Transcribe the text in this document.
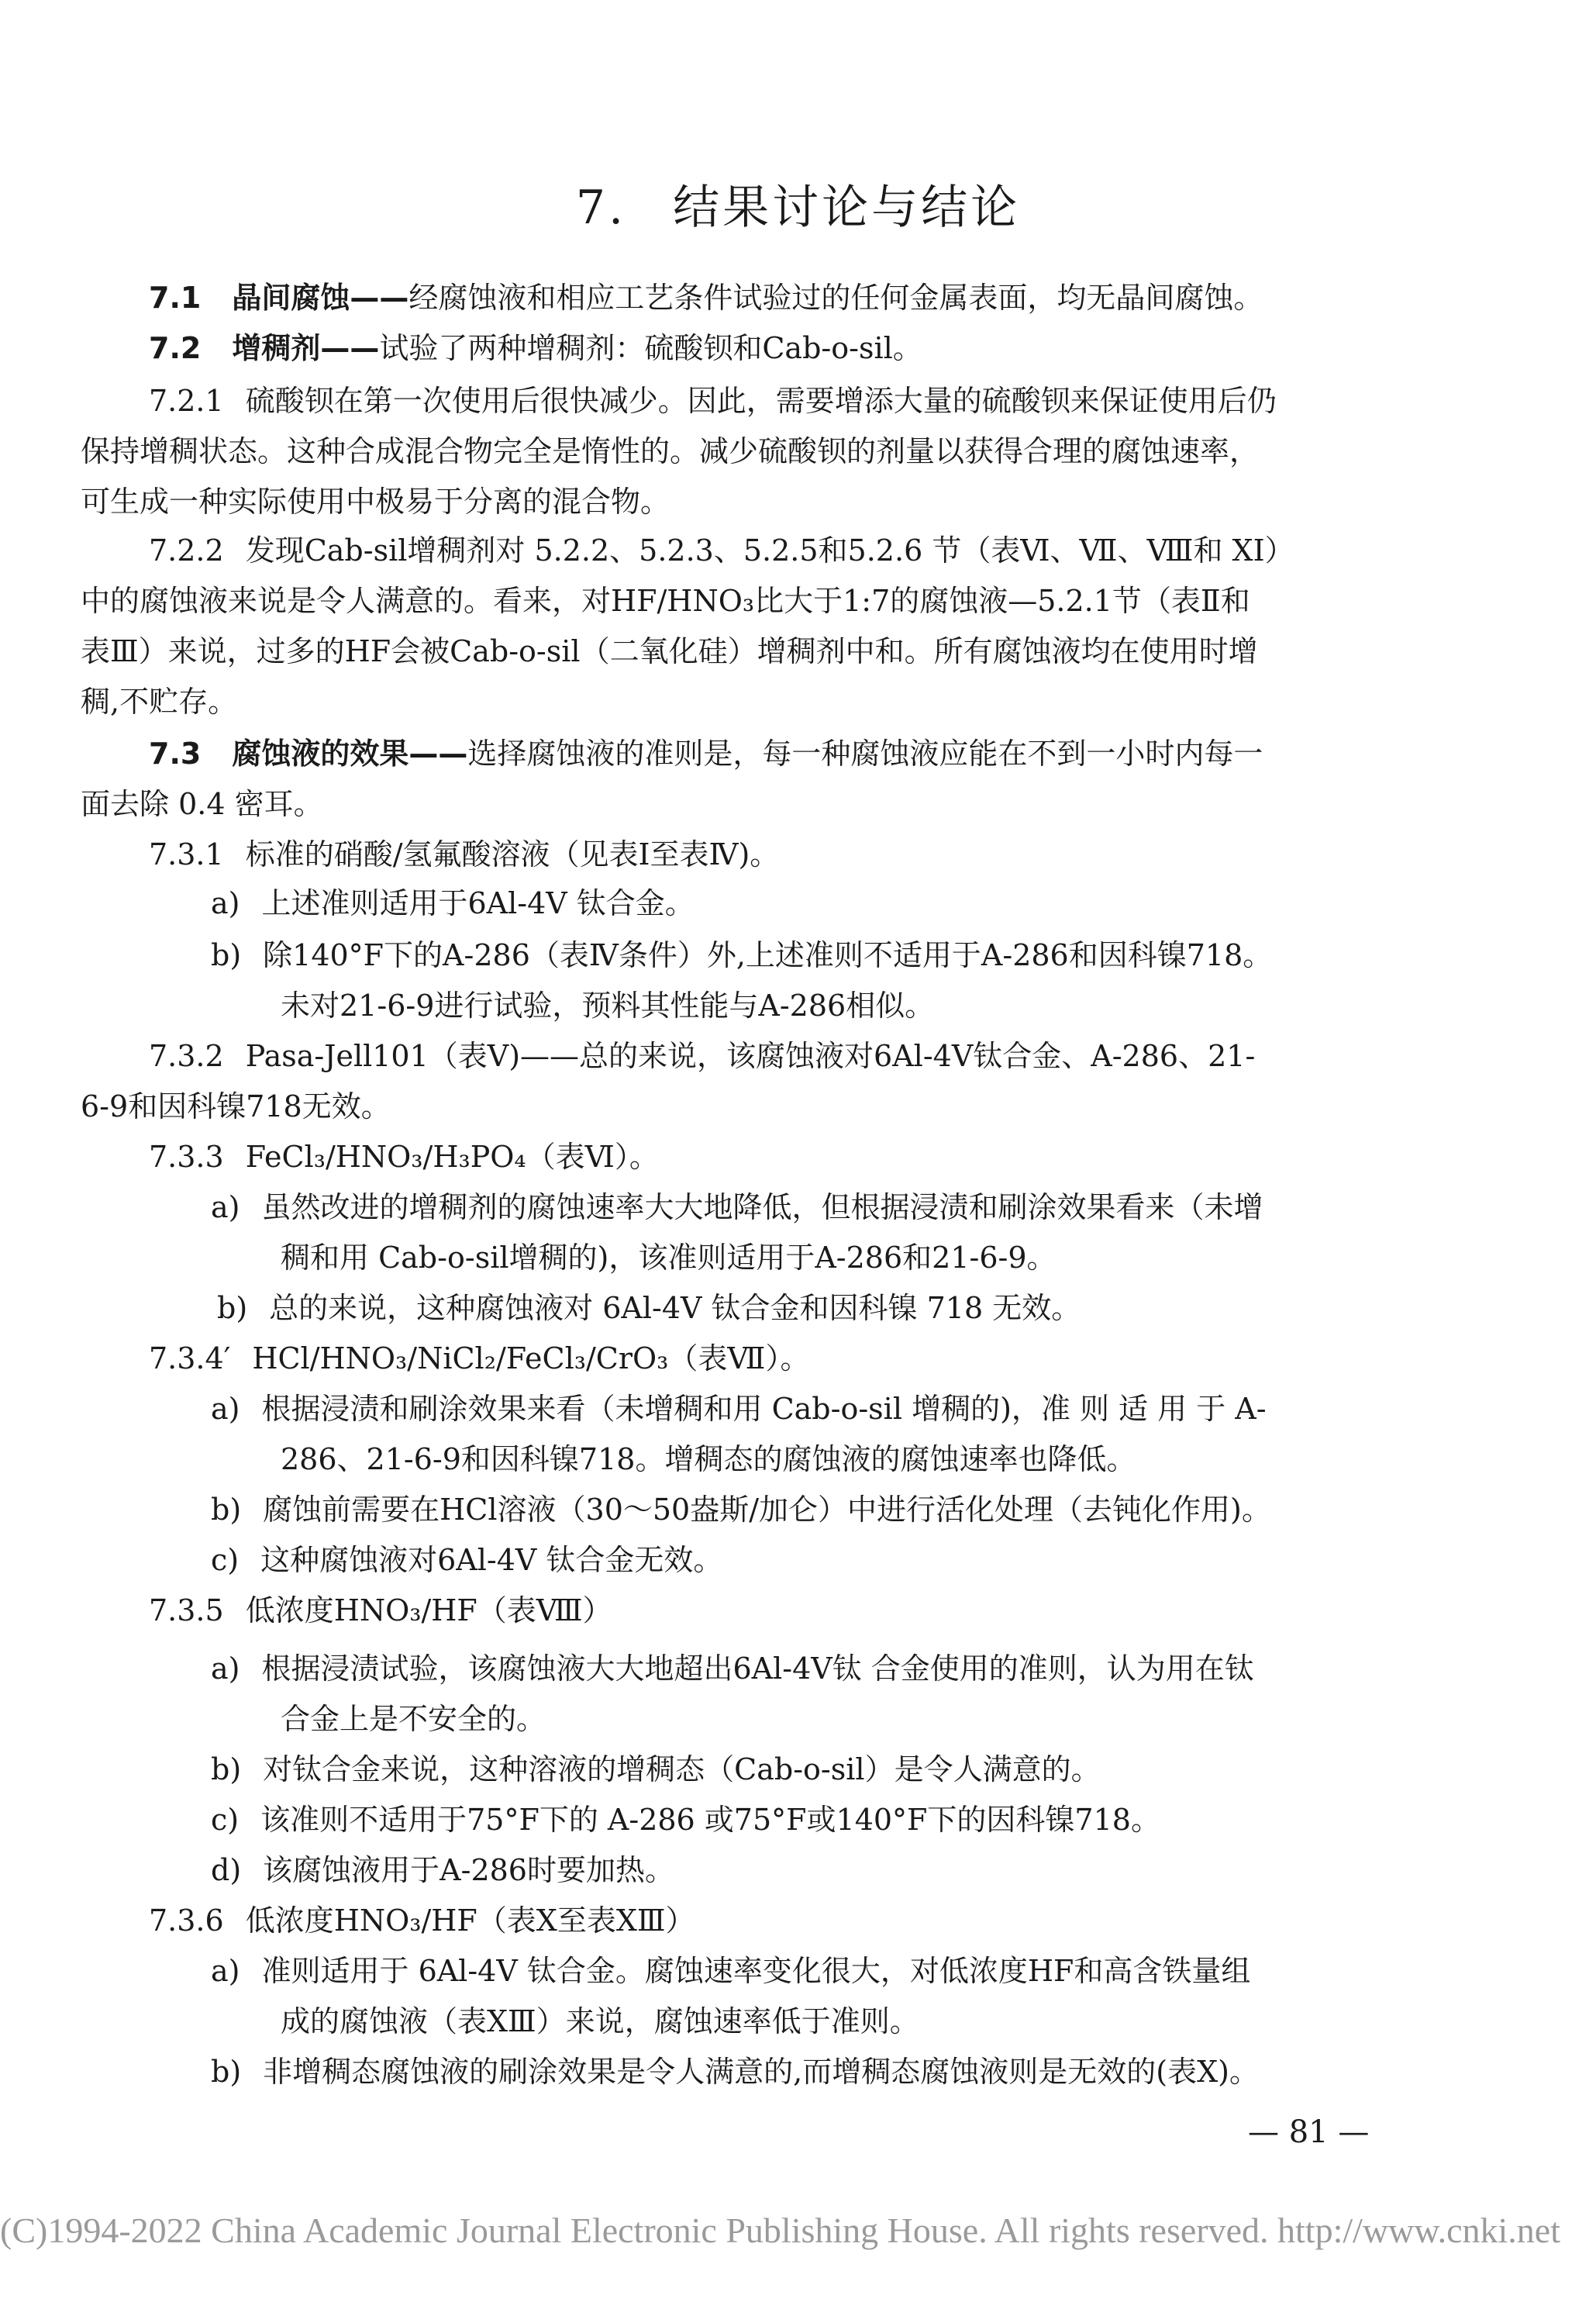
7. 结果讨论与结论
7.1 晶间腐蚀——经腐蚀液和相应工艺条件试验过的任何金属表面，均无晶间腐蚀。
7.2 增稠剂——试验了两种增稠剂：硫酸钡和Cab-o-sil。
7.2.1 硫酸钡在第一次使用后很快减少。因此，需要增添大量的硫酸钡来保证使用后仍
保持增稠状态。这种合成混合物完全是惰性的。减少硫酸钡的剂量以获得合理的腐蚀速率，
可生成一种实际使用中极易于分离的混合物。
7.2.2 发现Cab-sil增稠剂对 5.2.2、5.2.3、5.2.5和5.2.6 节（表Ⅵ、Ⅶ、Ⅷ和 XI）
中的腐蚀液来说是令人满意的。看来，对HF/HNO₃比大于1:7的腐蚀液—5.2.1节（表Ⅱ和
表Ⅲ）来说，过多的HF会被Cab-o-sil（二氧化硅）增稠剂中和。所有腐蚀液均在使用时增
稠,不贮存。
7.3 腐蚀液的效果——选择腐蚀液的准则是，每一种腐蚀液应能在不到一小时内每一
面去除 0.4 密耳。
7.3.1 标准的硝酸/氢氟酸溶液（见表Ⅰ至表Ⅳ)。
a) 上述准则适用于6Al-4V 钛合金。
b) 除140°F下的A-286（表Ⅳ条件）外,上述准则不适用于A-286和因科镍718。
未对21-6-9进行试验，预料其性能与A-286相似。
7.3.2 Pasa-Jell101（表Ⅴ)——总的来说，该腐蚀液对6Al-4V钛合金、A-286、21-
6-9和因科镍718无效。
7.3.3 FeCl₃/HNO₃/H₃PO₄（表Ⅵ）。
a) 虽然改进的增稠剂的腐蚀速率大大地降低，但根据浸渍和刷涂效果看来（未增
稠和用 Cab-o-sil增稠的)，该准则适用于A-286和21-6-9。
b) 总的来说，这种腐蚀液对 6Al-4V 钛合金和因科镍 718 无效。
7.3.4′ HCl/HNO₃/NiCl₂/FeCl₃/CrO₃（表Ⅶ）。
a) 根据浸渍和刷涂效果来看（未增稠和用 Cab-o-sil 增稠的)，准 则 适 用 于 A-
286、21-6-9和因科镍718。增稠态的腐蚀液的腐蚀速率也降低。
b) 腐蚀前需要在HCl溶液（30～50盎斯/加仑）中进行活化处理（去钝化作用)。
c) 这种腐蚀液对6Al-4V 钛合金无效。
7.3.5 低浓度HNO₃/HF（表Ⅷ）
a) 根据浸渍试验，该腐蚀液大大地超出6Al-4V钛 合金使用的准则，认为用在钛
合金上是不安全的。
b) 对钛合金来说，这种溶液的增稠态（Cab-o-sil）是令人满意的。
c) 该准则不适用于75°F下的 A-286 或75°F或140°F下的因科镍718。
d) 该腐蚀液用于A-286时要加热。
7.3.6 低浓度HNO₃/HF（表Ⅹ至表ⅩⅢ）
a) 准则适用于 6Al-4V 钛合金。腐蚀速率变化很大，对低浓度HF和高含铁量组
成的腐蚀液（表ⅩⅢ）来说，腐蚀速率低于准则。
b) 非增稠态腐蚀液的刷涂效果是令人满意的,而增稠态腐蚀液则是无效的(表Ⅹ)。
— 81 —
(C)1994-2022 China Academic Journal Electronic Publishing House. All rights reserved. http://www.cnki.net
